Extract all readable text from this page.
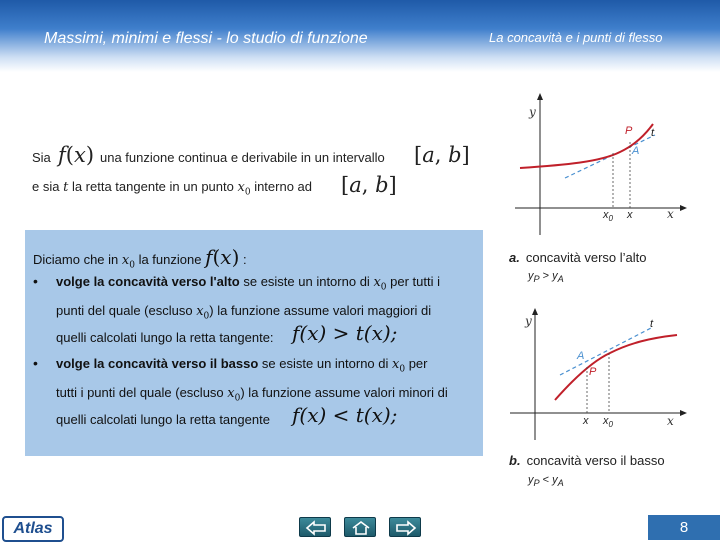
Massimi, minimi e flessi - lo studio di funzione	La concavità e i punti di flesso
Sia f(x) una funzione continua e derivabile in un intervallo [a, b]
e sia t la retta tangente in un punto $x_0$ interno ad [a, b]
Diciamo che in $x_0$ la funzione f(x) :
• volge la concavità verso l'alto se esiste un intorno di $x_0$ per tutti i
punti del quale (escluso $x_0$) la funzione assume valori maggiori di
quelli calcolati lungo la retta tangente: f(x) > t(x);
• volge la concavità verso il basso se esiste un intorno di $x_0$ per
tutti i punti del quale (escluso $x_0$) la funzione assume valori minori di
quelli calcolati lungo la retta tangente f(x) < t(x);
y
x
P
A
t
$x_0$ x
a. concavità verso l’alto
$y_P > y_A$
y
x
A
P
t
x $x_0$
b. concavità verso il basso
$y_P < y_A$
Atlas	8
